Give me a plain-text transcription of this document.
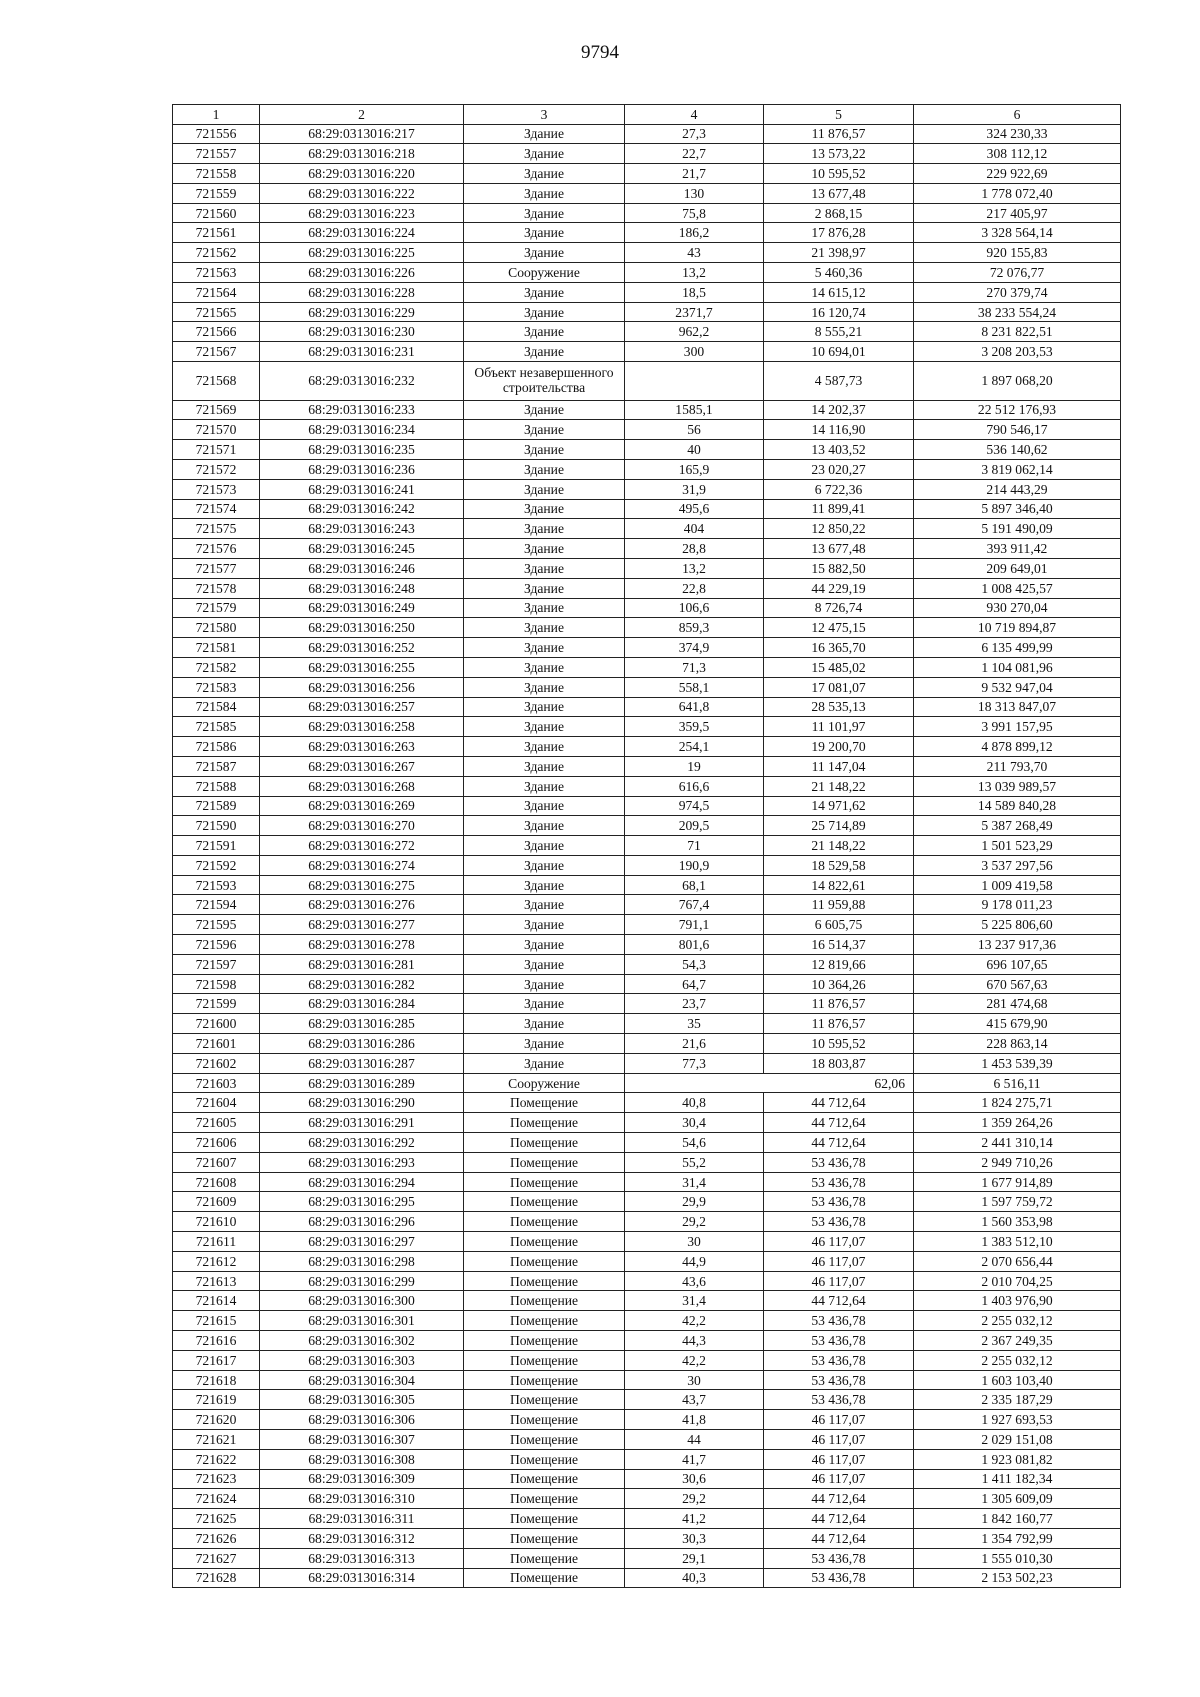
9794
1	2	3	4	5	6
721556	68:29:0313016:217	Здание	27,3	11 876,57	324 230,33
721557	68:29:0313016:218	Здание	22,7	13 573,22	308 112,12
721558	68:29:0313016:220	Здание	21,7	10 595,52	229 922,69
721559	68:29:0313016:222	Здание	130	13 677,48	1 778 072,40
721560	68:29:0313016:223	Здание	75,8	2 868,15	217 405,97
721561	68:29:0313016:224	Здание	186,2	17 876,28	3 328 564,14
721562	68:29:0313016:225	Здание	43	21 398,97	920 155,83
721563	68:29:0313016:226	Сооружение	13,2	5 460,36	72 076,77
721564	68:29:0313016:228	Здание	18,5	14 615,12	270 379,74
721565	68:29:0313016:229	Здание	2371,7	16 120,74	38 233 554,24
721566	68:29:0313016:230	Здание	962,2	8 555,21	8 231 822,51
721567	68:29:0313016:231	Здание	300	10 694,01	3 208 203,53
721568	68:29:0313016:232	Объект незавершенного строительства		4 587,73	1 897 068,20
721569	68:29:0313016:233	Здание	1585,1	14 202,37	22 512 176,93
721570	68:29:0313016:234	Здание	56	14 116,90	790 546,17
721571	68:29:0313016:235	Здание	40	13 403,52	536 140,62
721572	68:29:0313016:236	Здание	165,9	23 020,27	3 819 062,14
721573	68:29:0313016:241	Здание	31,9	6 722,36	214 443,29
721574	68:29:0313016:242	Здание	495,6	11 899,41	5 897 346,40
721575	68:29:0313016:243	Здание	404	12 850,22	5 191 490,09
721576	68:29:0313016:245	Здание	28,8	13 677,48	393 911,42
721577	68:29:0313016:246	Здание	13,2	15 882,50	209 649,01
721578	68:29:0313016:248	Здание	22,8	44 229,19	1 008 425,57
721579	68:29:0313016:249	Здание	106,6	8 726,74	930 270,04
721580	68:29:0313016:250	Здание	859,3	12 475,15	10 719 894,87
721581	68:29:0313016:252	Здание	374,9	16 365,70	6 135 499,99
721582	68:29:0313016:255	Здание	71,3	15 485,02	1 104 081,96
721583	68:29:0313016:256	Здание	558,1	17 081,07	9 532 947,04
721584	68:29:0313016:257	Здание	641,8	28 535,13	18 313 847,07
721585	68:29:0313016:258	Здание	359,5	11 101,97	3 991 157,95
721586	68:29:0313016:263	Здание	254,1	19 200,70	4 878 899,12
721587	68:29:0313016:267	Здание	19	11 147,04	211 793,70
721588	68:29:0313016:268	Здание	616,6	21 148,22	13 039 989,57
721589	68:29:0313016:269	Здание	974,5	14 971,62	14 589 840,28
721590	68:29:0313016:270	Здание	209,5	25 714,89	5 387 268,49
721591	68:29:0313016:272	Здание	71	21 148,22	1 501 523,29
721592	68:29:0313016:274	Здание	190,9	18 529,58	3 537 297,56
721593	68:29:0313016:275	Здание	68,1	14 822,61	1 009 419,58
721594	68:29:0313016:276	Здание	767,4	11 959,88	9 178 011,23
721595	68:29:0313016:277	Здание	791,1	6 605,75	5 225 806,60
721596	68:29:0313016:278	Здание	801,6	16 514,37	13 237 917,36
721597	68:29:0313016:281	Здание	54,3	12 819,66	696 107,65
721598	68:29:0313016:282	Здание	64,7	10 364,26	670 567,63
721599	68:29:0313016:284	Здание	23,7	11 876,57	281 474,68
721600	68:29:0313016:285	Здание	35	11 876,57	415 679,90
721601	68:29:0313016:286	Здание	21,6	10 595,52	228 863,14
721602	68:29:0313016:287	Здание	77,3	18 803,87	1 453 539,39
721603	68:29:0313016:289	Сооружение	62,06		6 516,11
721604	68:29:0313016:290	Помещение	40,8	44 712,64	1 824 275,71
721605	68:29:0313016:291	Помещение	30,4	44 712,64	1 359 264,26
721606	68:29:0313016:292	Помещение	54,6	44 712,64	2 441 310,14
721607	68:29:0313016:293	Помещение	55,2	53 436,78	2 949 710,26
721608	68:29:0313016:294	Помещение	31,4	53 436,78	1 677 914,89
721609	68:29:0313016:295	Помещение	29,9	53 436,78	1 597 759,72
721610	68:29:0313016:296	Помещение	29,2	53 436,78	1 560 353,98
721611	68:29:0313016:297	Помещение	30	46 117,07	1 383 512,10
721612	68:29:0313016:298	Помещение	44,9	46 117,07	2 070 656,44
721613	68:29:0313016:299	Помещение	43,6	46 117,07	2 010 704,25
721614	68:29:0313016:300	Помещение	31,4	44 712,64	1 403 976,90
721615	68:29:0313016:301	Помещение	42,2	53 436,78	2 255 032,12
721616	68:29:0313016:302	Помещение	44,3	53 436,78	2 367 249,35
721617	68:29:0313016:303	Помещение	42,2	53 436,78	2 255 032,12
721618	68:29:0313016:304	Помещение	30	53 436,78	1 603 103,40
721619	68:29:0313016:305	Помещение	43,7	53 436,78	2 335 187,29
721620	68:29:0313016:306	Помещение	41,8	46 117,07	1 927 693,53
721621	68:29:0313016:307	Помещение	44	46 117,07	2 029 151,08
721622	68:29:0313016:308	Помещение	41,7	46 117,07	1 923 081,82
721623	68:29:0313016:309	Помещение	30,6	46 117,07	1 411 182,34
721624	68:29:0313016:310	Помещение	29,2	44 712,64	1 305 609,09
721625	68:29:0313016:311	Помещение	41,2	44 712,64	1 842 160,77
721626	68:29:0313016:312	Помещение	30,3	44 712,64	1 354 792,99
721627	68:29:0313016:313	Помещение	29,1	53 436,78	1 555 010,30
721628	68:29:0313016:314	Помещение	40,3	53 436,78	2 153 502,23
